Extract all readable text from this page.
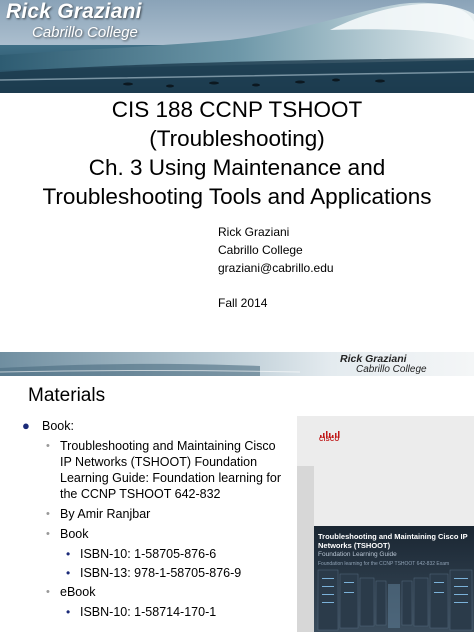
Rick Graziani
Cabrillo College
CIS 188 CCNP TSHOOT
(Troubleshooting)
Ch. 3 Using Maintenance and
Troubleshooting Tools and Applications
Rick Graziani
Cabrillo College
graziani@cabrillo.edu
Fall 2014
Rick Graziani
Cabrillo College
Materials
● Book:
• Troubleshooting and Maintaining Cisco IP Networks (TSHOOT) Foundation Learning Guide: Foundation learning for the CCNP TSHOOT 642-832
• By Amir Ranjbar
• Book
• ISBN-10: 1-58705-876-6
• ISBN-13: 978-1-58705-876-9
• eBook
• ISBN-10: 1-58714-170-1
CISCO
Troubleshooting and Maintaining Cisco IP Networks (TSHOOT)
Foundation Learning Guide
Foundation learning for the CCNP TSHOOT 642-832 Exam
